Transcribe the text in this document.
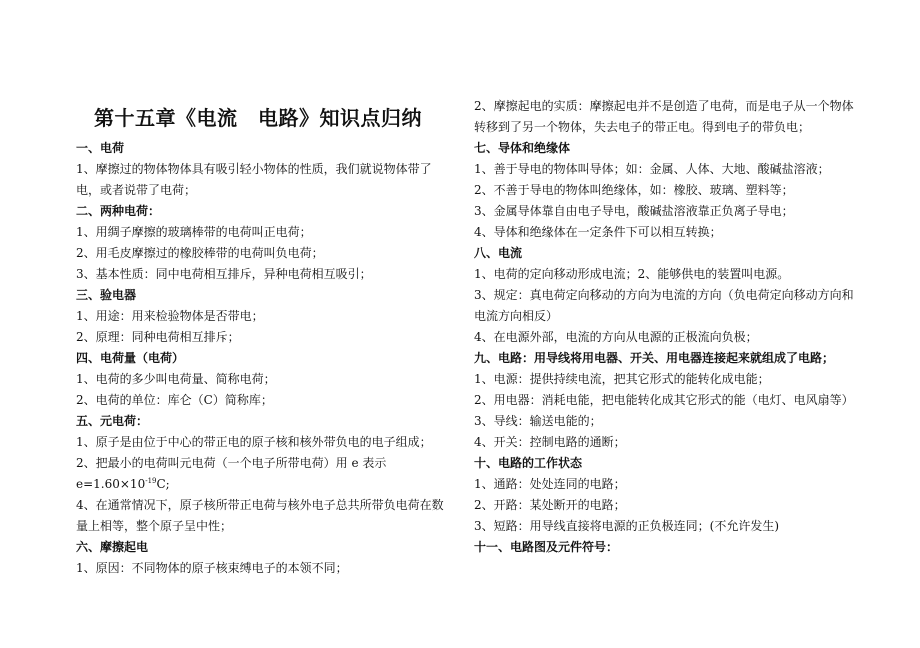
第十五章《电流　电路》知识点归纳
一、电荷

1、摩擦过的物体物体具有吸引轻小物体的性质，我们就说物体带了电，或者说带了电荷；

二、两种电荷：

1、用绸子摩擦的玻璃棒带的电荷叫正电荷；

2、用毛皮摩擦过的橡胶棒带的电荷叫负电荷；

3、基本性质：同中电荷相互排斥，异种电荷相互吸引；

三、验电器

1、用途：用来检验物体是否带电；

2、原理：同种电荷相互排斥；

四、电荷量（电荷）

1、电荷的多少叫电荷量、简称电荷；

2、电荷的单位：库仑（C）简称库；

五、元电荷：

1、原子是由位于中心的带正电的原子核和核外带负电的电子组成；

2、把最小的电荷叫元电荷（一个电子所带电荷）用 e 表示 $e=1.60\times 10^{-19}C$;

4、在通常情况下，原子核所带正电荷与核外电子总共所带负电荷在数量上相等，整个原子呈中性；

六、摩擦起电

1、原因：不同物体的原子核束缚电子的本领不同；

2、摩擦起电的实质：摩擦起电并不是创造了电荷，而是电子从一个物体转移到了另一个物体，失去电子的带正电。得到电子的带负电；

七、导体和绝缘体

1、善于导电的物体叫导体；如：金属、人体、大地、酸碱盐溶液；

2、不善于导电的物体叫绝缘体，如：橡胶、玻璃、塑料等；

3、金属导体靠自由电子导电，酸碱盐溶液靠正负离子导电；

4、导体和绝缘体在一定条件下可以相互转换；

八、电流

1、电荷的定向移动形成电流；2、能够供电的装置叫电源。

3、规定：真电荷定向移动的方向为电流的方向（负电荷定向移动方向和电流方向相反）

4、在电源外部，电流的方向从电源的正极流向负极；

九、电路：用导线将用电器、开关、用电器连接起来就组成了电路；

1、电源：提供持续电流，把其它形式的能转化成电能；

2、用电器：消耗电能，把电能转化成其它形式的能（电灯、电风扇等）

3、导线：输送电能的；

4、开关：控制电路的通断；

十、电路的工作状态

1、通路：处处连同的电路；

2、开路：某处断开的电路；

3、短路：用导线直接将电源的正负极连同；(不允许发生)

十一、电路图及元件符号：
